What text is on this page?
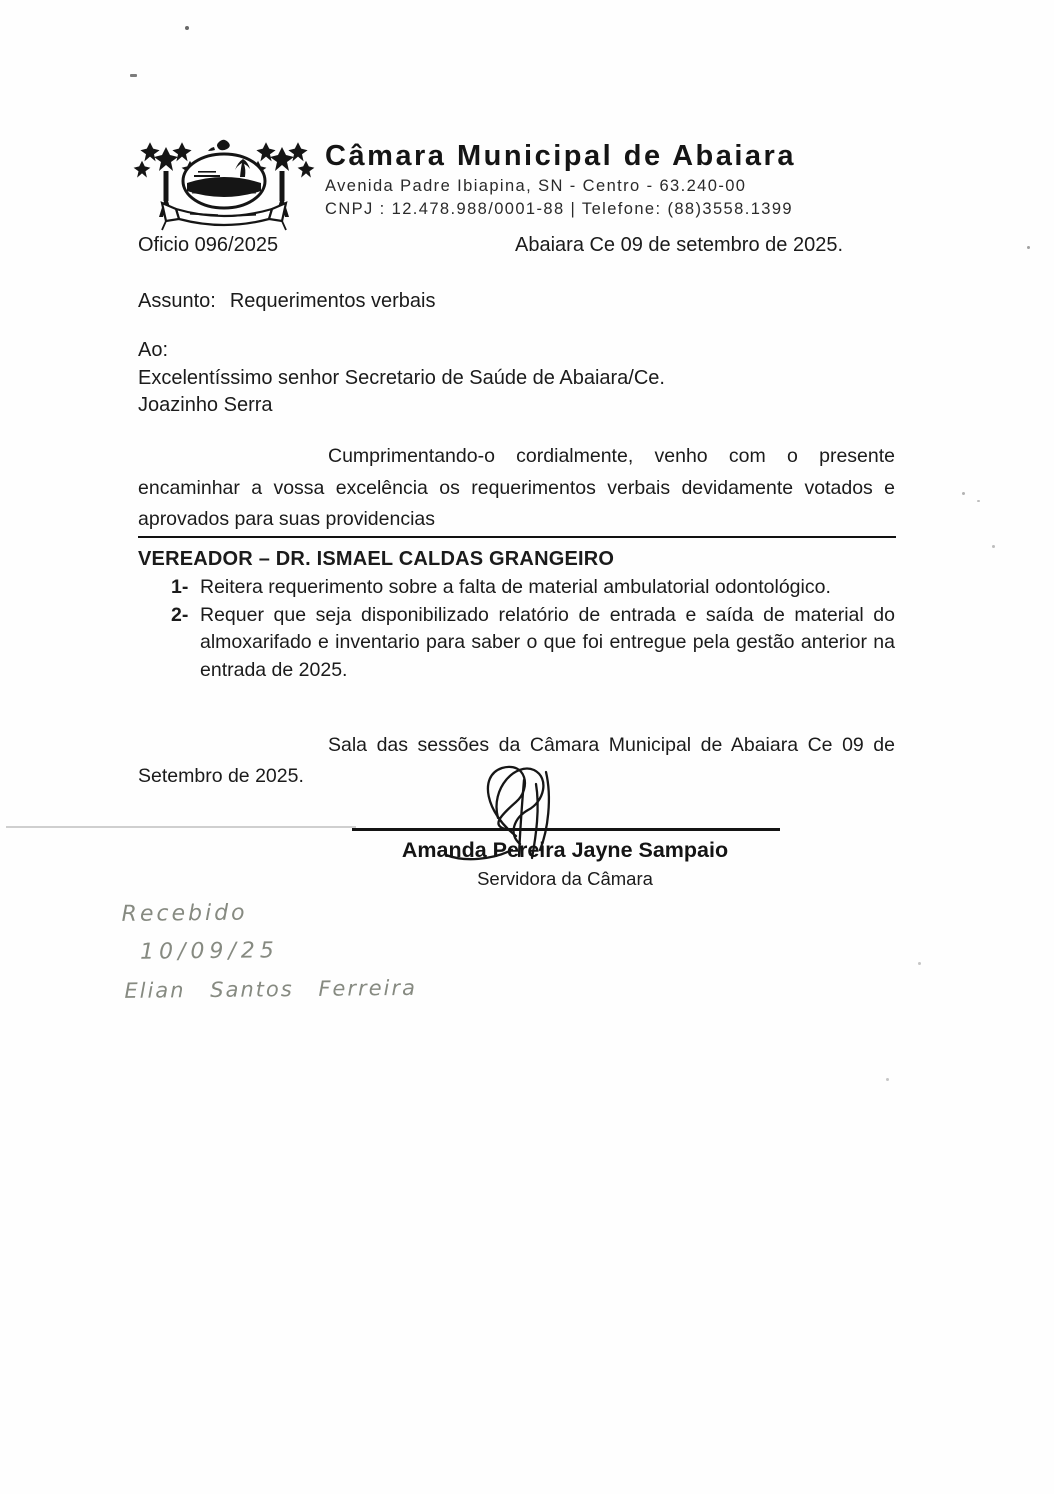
Câmara Municipal de Abaiara
Avenida Padre Ibiapina, SN - Centro - 63.240-00
CNPJ : 12.478.988/0001-88 | Telefone: (88)3558.1399
Oficio 096/2025	Abaiara Ce 09 de setembro de 2025.
Assunto: Requerimentos verbais
Ao:
Excelentíssimo senhor Secretario de Saúde de Abaiara/Ce.
Joazinho Serra
Cumprimentando-o cordialmente, venho com o presente encaminhar a vossa excelência os requerimentos verbais devidamente votados e aprovados para suas providencias
VEREADOR – DR. ISMAEL CALDAS GRANGEIRO
1- Reitera requerimento sobre a falta de material ambulatorial odontológico.
2- Requer que seja disponibilizado relatório de entrada e saída de material do almoxarifado e inventario para saber o que foi entregue pela gestão anterior na entrada de 2025.
Sala das sessões da Câmara Municipal de Abaiara Ce 09 de Setembro de 2025.
Amanda Pereira Jayne Sampaio
Servidora da Câmara
Recebido
10/09/25
Elian Santos Ferreira
